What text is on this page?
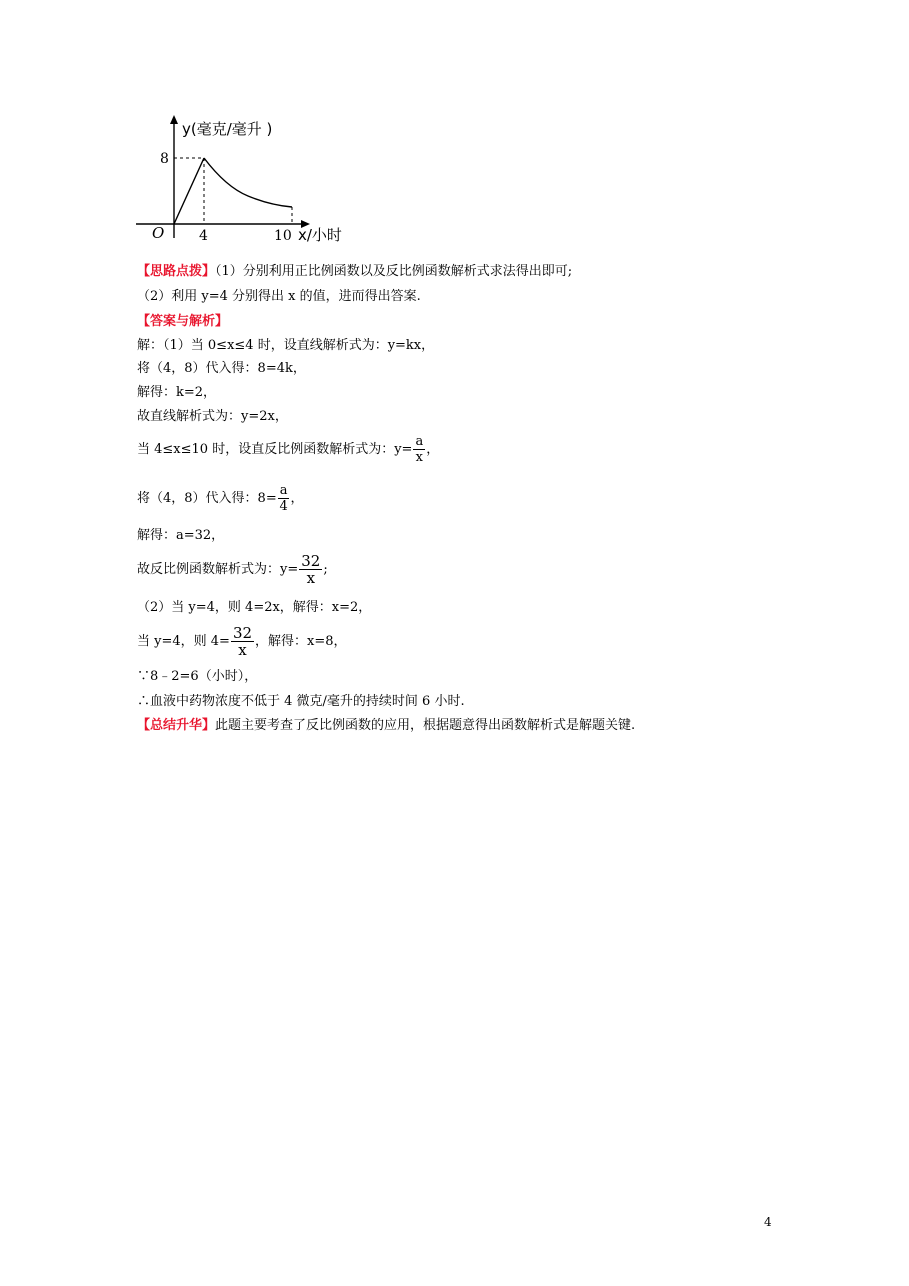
y(毫克/毫升 )
x/小时
O
8
4	10
【思路点拨】（1）分别利用正比例函数以及反比例函数解析式求法得出即可;
（2）利用 y=4 分别得出 x 的值，进而得出答案.
【答案与解析】
解：（1）当 0≤x≤4 时，设直线解析式为：y=kx，
将（4，8）代入得：8=4k，
解得：k=2，
故直线解析式为：y=2x，
当 4≤x≤10 时，设直反比例函数解析式为：$y= \frac{a}{x}$ ，
将（4，8）代入得：$8= \frac{a}{4}$ ，
解得：a=32，
故反比例函数解析式为：$y= \frac{32}{x}$ ;
（2）当 y=4，则 4=2x，解得：x=2，
当 y=4，则 $4= \frac{32}{x}$ ，解得：x=8，
∵8﹣2=6（小时），
∴血液中药物浓度不低于 4 微克/毫升的持续时间 6 小时.
【总结升华】此题主要考查了反比例函数的应用，根据题意得出函数解析式是解题关键.
4
